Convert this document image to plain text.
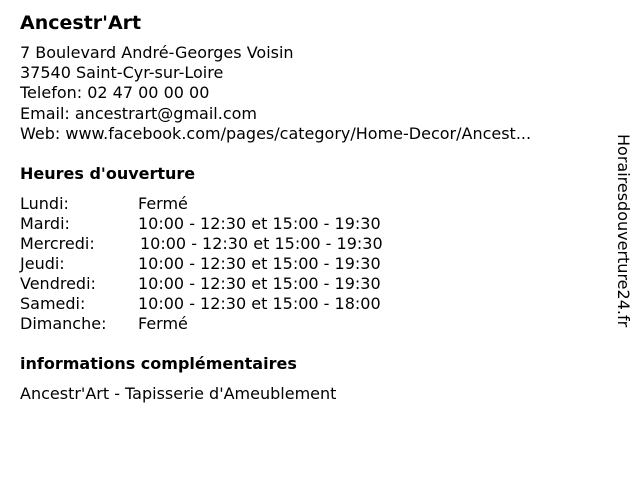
Ancestr'Art
7 Boulevard André-Georges Voisin
37540 Saint-Cyr-sur-Loire
Telefon: 02 47 00 00 00
Email: ancestrart@gmail.com
Web: www.facebook.com/pages/category/Home-Decor/Ancest...
Heures d'ouverture
Lundi:	Fermé
Mardi:	10:00 - 12:30 et 15:00 - 19:30
Mercredi:	10:00 - 12:30 et 15:00 - 19:30
Jeudi:	10:00 - 12:30 et 15:00 - 19:30
Vendredi:	10:00 - 12:30 et 15:00 - 19:30
Samedi:	10:00 - 12:30 et 15:00 - 18:00
Dimanche: Fermé
informations complémentaires
Ancestr'Art - Tapisserie d'Ameublement
Horairesdouverture24.fr
